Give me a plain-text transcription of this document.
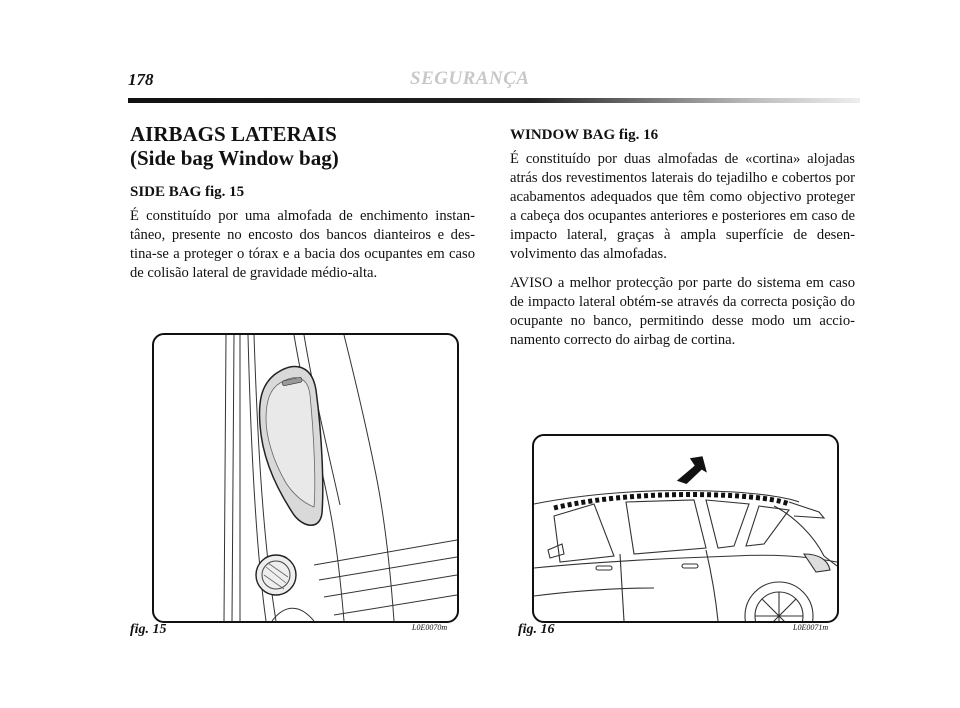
178	SEGURANÇA
AIRBAGS LATERAIS
(Side bag Window bag)
SIDE BAG fig. 15

É constituído por uma almofada de enchimento instan-tâneo, presente no encosto dos bancos dianteiros e des-tina-se a proteger o tórax e a bacia dos ocupantes em caso de colisão lateral de gravidade médio-alta.

WINDOW BAG fig. 16

É constituído por duas almofadas de «cortina» alojadas atrás dos revestimentos laterais do tejadilho e cobertos por acabamentos adequados que têm como objectivo proteger a cabeça dos ocupantes anteriores e posteriores em caso de impacto lateral, graças à ampla superfície de desen-volvimento das almofadas.

AVISO a melhor protecção por parte do sistema em caso de impacto lateral obtém-se através da correcta posição do ocupante no banco, permitindo desse modo um accio-namento correcto do airbag de cortina.

fig. 15	L0E0070m	fig. 16	L0E0071m
